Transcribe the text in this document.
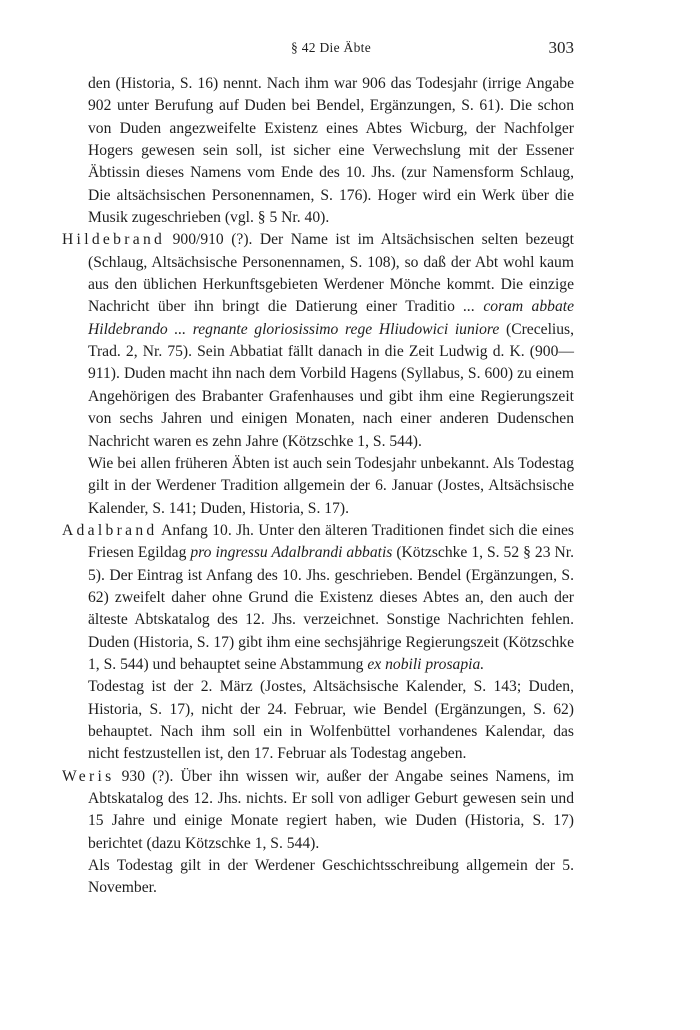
§ 42 Die Äbte	303

den (Historia, S. 16) nennt. Nach ihm war 906 das Todesjahr (irrige Angabe 902 unter Berufung auf Duden bei Bendel, Ergänzungen, S. 61). Die schon von Duden angezweifelte Existenz eines Abtes Wicburg, der Nachfolger Hogers gewesen sein soll, ist sicher eine Verwechslung mit der Essener Äbtissin dieses Namens vom Ende des 10. Jhs. (zur Namensform Schlaug, Die altsächsischen Personennamen, S. 176). Hoger wird ein Werk über die Musik zugeschrieben (vgl. § 5 Nr. 40).

Hildebrand 900/910 (?). Der Name ist im Altsächsischen selten bezeugt (Schlaug, Altsächsische Personennamen, S. 108), so daß der Abt wohl kaum aus den üblichen Herkunftsgebieten Werdener Mönche kommt. Die einzige Nachricht über ihn bringt die Datierung einer Traditio ... coram abbate Hildebrando ... regnante gloriosissimo rege Hliudowici iuniore (Crecelius, Trad. 2, Nr. 75). Sein Abbatiat fällt danach in die Zeit Ludwig d. K. (900—911). Duden macht ihn nach dem Vorbild Hagens (Syllabus, S. 600) zu einem Angehörigen des Brabanter Grafenhauses und gibt ihm eine Regierungszeit von sechs Jahren und einigen Monaten, nach einer anderen Dudenschen Nachricht waren es zehn Jahre (Kötzschke 1, S. 544).

Wie bei allen früheren Äbten ist auch sein Todesjahr unbekannt. Als Todestag gilt in der Werdener Tradition allgemein der 6. Januar (Jostes, Altsächsische Kalender, S. 141; Duden, Historia, S. 17).

Adalbrand Anfang 10. Jh. Unter den älteren Traditionen findet sich die eines Friesen Egildag pro ingressu Adalbrandi abbatis (Kötzschke 1, S. 52 § 23 Nr. 5). Der Eintrag ist Anfang des 10. Jhs. geschrieben. Bendel (Ergänzungen, S. 62) zweifelt daher ohne Grund die Existenz dieses Abtes an, den auch der älteste Abtskatalog des 12. Jhs. verzeichnet. Sonstige Nachrichten fehlen. Duden (Historia, S. 17) gibt ihm eine sechsjährige Regierungszeit (Kötzschke 1, S. 544) und behauptet seine Abstammung ex nobili prosapia.

Todestag ist der 2. März (Jostes, Altsächsische Kalender, S. 143; Duden, Historia, S. 17), nicht der 24. Februar, wie Bendel (Ergänzungen, S. 62) behauptet. Nach ihm soll ein in Wolfenbüttel vorhandenes Kalendar, das nicht festzustellen ist, den 17. Februar als Todestag angeben.

Weris 930 (?). Über ihn wissen wir, außer der Angabe seines Namens, im Abtskatalog des 12. Jhs. nichts. Er soll von adliger Geburt gewesen sein und 15 Jahre und einige Monate regiert haben, wie Duden (Historia, S. 17) berichtet (dazu Kötzschke 1, S. 544).

Als Todestag gilt in der Werdener Geschichtsschreibung allgemein der 5. November.
